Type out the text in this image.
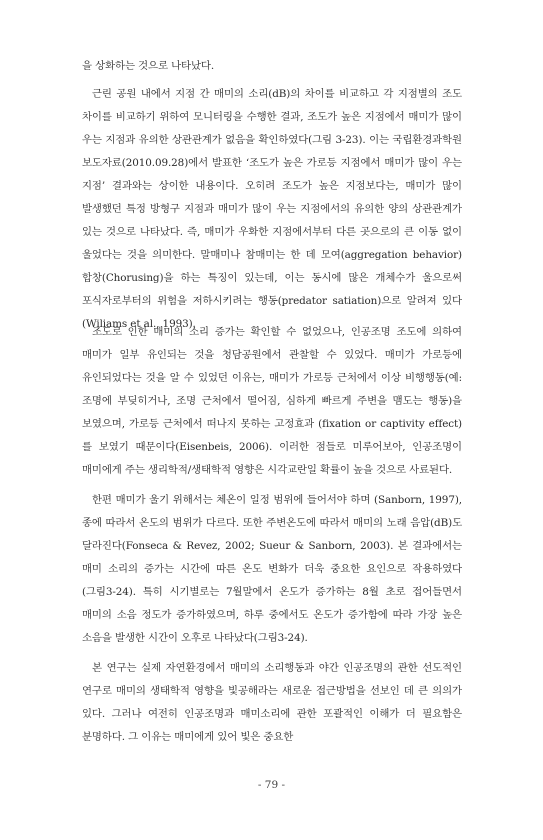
을 상화하는 것으로 나타났다.

근린 공원 내에서 지점 간 매미의 소리(dB)의 차이를 비교하고 각 지점별의 조도 차이를 비교하기 위하여 모니터링을 수행한 결과, 조도가 높은 지점에서 매미가 많이 우는 지점과 유의한 상관관계가 없음을 확인하였다(그림 3-23). 이는 국립환경과학원 보도자료(2010.09.28)에서 발표한 ‘조도가 높은 가로등 지점에서 매미가 많이 우는 지점’ 결과와는 상이한 내용이다. 오히려 조도가 높은 지점보다는, 매미가 많이 발생했던 특정 방형구 지점과 매미가 많이 우는 지점에서의 유의한 양의 상관관계가 있는 것으로 나타났다. 즉, 매미가 우화한 지점에서부터 다른 곳으로의 큰 이동 없이 울었다는 것을 의미한다. 말매미나 참매미는 한 데 모여(aggregation behavior) 합창(Chorusing)을 하는 특징이 있는데, 이는 동시에 많은 개체수가 울으로써 포식자로부터의 위험을 저하시키려는 행동(predator satiation)으로 알려져 있다(Wiliams et al., 1993).

조도로 인한 매미의 소리 증가는 확인할 수 없었으나, 인공조명 조도에 의하여 매미가 일부 유인되는 것을 청담공원에서 관찰할 수 있었다. 매미가 가로등에 유인되었다는 것을 알 수 있었던 이유는, 매미가 가로등 근처에서 이상 비행행동(예: 조명에 부딪히거나, 조명 근처에서 떨어짐, 심하게 빠르게 주변을 맴도는 행동)을 보였으며, 가로등 근처에서 떠나지 못하는 고정효과 (fixation or captivity effect)를 보였기 때문이다(Eisenbeis, 2006). 이러한 점들로 미루어보아, 인공조명이 매미에게 주는 생리학적/생태학적 영향은 시각교란일 확률이 높을 것으로 사료된다.

한편 매미가 울기 위해서는 체온이 일정 범위에 들어서야 하며 (Sanborn, 1997), 종에 따라서 온도의 범위가 다르다. 또한 주변온도에 따라서 매미의 노래 음압(dB)도 달라진다(Fonseca & Revez, 2002; Sueur & Sanborn, 2003). 본 결과에서는 매미 소리의 증가는 시간에 따른 온도 변화가 더욱 중요한 요인으로 작용하였다(그림3-24). 특히 시기별로는 7월말에서 온도가 증가하는 8월 초로 접어들면서 매미의 소음 정도가 증가하였으며, 하루 중에서도 온도가 증가함에 따라 가장 높은 소음을 발생한 시간이 오후로 나타났다(그림3-24).

본 연구는 실제 자연환경에서 매미의 소리행동과 야간 인공조명의 관한 선도적인 연구로 매미의 생태학적 영향을 빛공해라는 새로운 접근방법을 선보인 데 큰 의의가 있다. 그러나 여전히 인공조명과 매미소리에 관한 포괄적인 이해가 더 필요함은 분명하다. 그 이유는 매미에게 있어 빛은 중요한

- 79 -
